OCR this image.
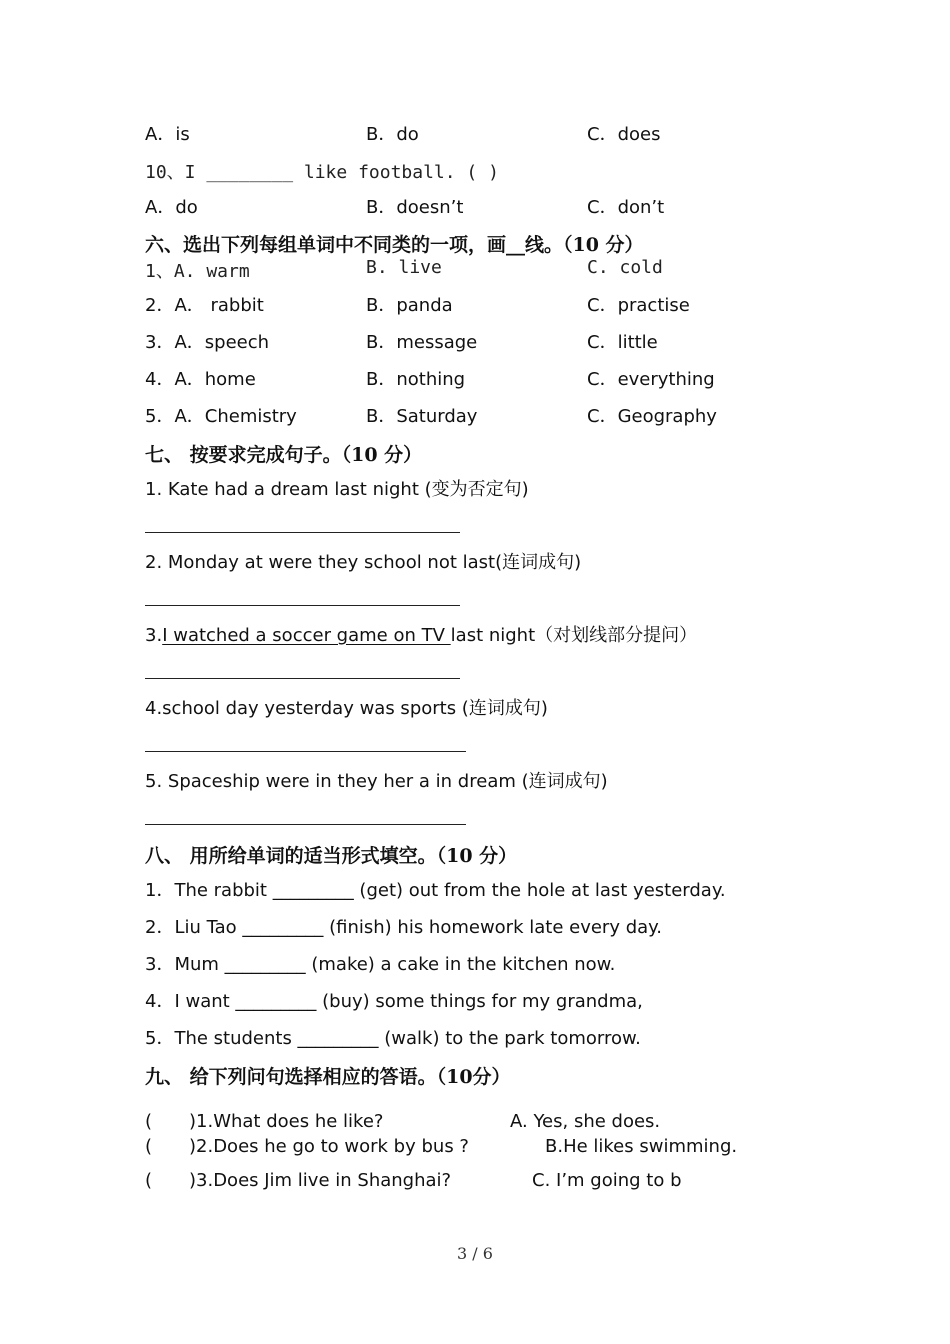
A．is	B．do	C．does
10、I ________ like football. ( )
A．do	B．doesn’t	C．don’t
六、选出下列每组单词中不同类的一项，画__线。（10 分）
1、A. warm	B. live	C. cold
2．A． rabbit	B．panda	C．practise
3．A．speech	B．message	C．little
4．A．home	B．nothing	C．everything
5．A．Chemistry	B．Saturday	C．Geography
七、 按要求完成句子。（10 分）
1. Kate had a dream last night (变为否定句)
2. Monday at were they school not last(连词成句)
3.I watched a soccer game on TV last night（对划线部分提问）
4.school day yesterday was sports (连词成句)
5. Spaceship were in they her a in dream (连词成句)
八、 用所给单词的适当形式填空。（10 分）
1．The rabbit _________ (get) out from the hole at last yesterday.
2．Liu Tao _________ (finish) his homework late every day.
3．Mum _________ (make) a cake in the kitchen now.
4．I want _________ (buy) some things for my grandma,
5．The students _________ (walk) to the park tomorrow.
九、 给下列问句选择相应的答语。（10分）
( )1.What does he like?	A. Yes, she does.
( )2.Does he go to work by bus ?	B.He likes swimming.
( )3.Does Jim live in Shanghai?	C. I’m going to b
3 / 6
